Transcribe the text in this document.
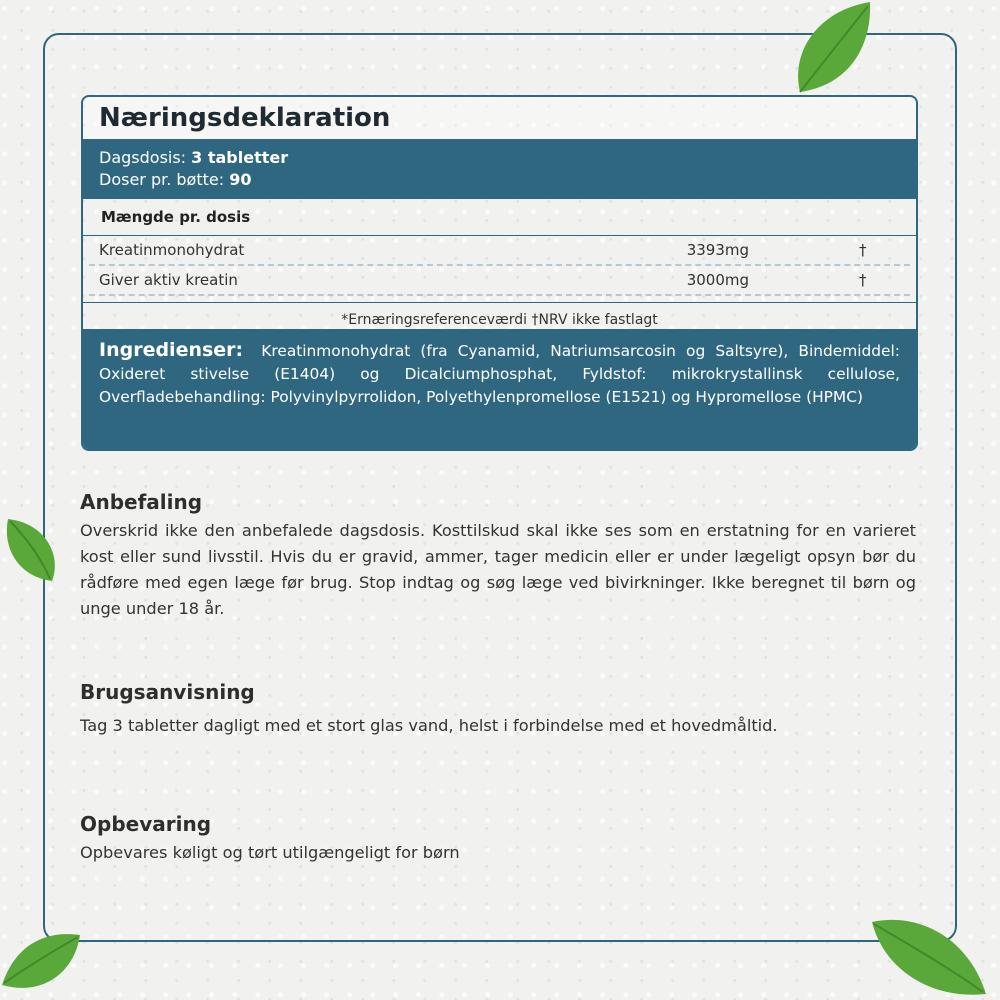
Næringsdeklaration
Dagsdosis: 3 tabletter
Doser pr. bøtte: 90
Mængde pr. dosis
Kreatinmonohydrat	3393mg	†
Giver aktiv kreatin	3000mg	†
*Ernæringsreferenceværdi †NRV ikke fastlagt
Ingredienser: Kreatinmonohydrat (fra Cyanamid, Natriumsarcosin og Saltsyre), Bindemiddel: Oxideret stivelse (E1404) og Dicalciumphosphat, Fyldstof: mikrokrystallinsk cellulose, Overfladebehandling: Polyvinylpyrrolidon, Polyethylenpromellose (E1521) og Hypromellose (HPMC)
Anbefaling
Overskrid ikke den anbefalede dagsdosis. Kosttilskud skal ikke ses som en erstatning for en varieret kost eller sund livsstil. Hvis du er gravid, ammer, tager medicin eller er under lægeligt opsyn bør du rådføre med egen læge før brug. Stop indtag og søg læge ved bivirkninger. Ikke beregnet til børn og unge under 18 år.
Brugsanvisning
Tag 3 tabletter dagligt med et stort glas vand, helst i forbindelse med et hovedmåltid.
Opbevaring
Opbevares køligt og tørt utilgængeligt for børn
